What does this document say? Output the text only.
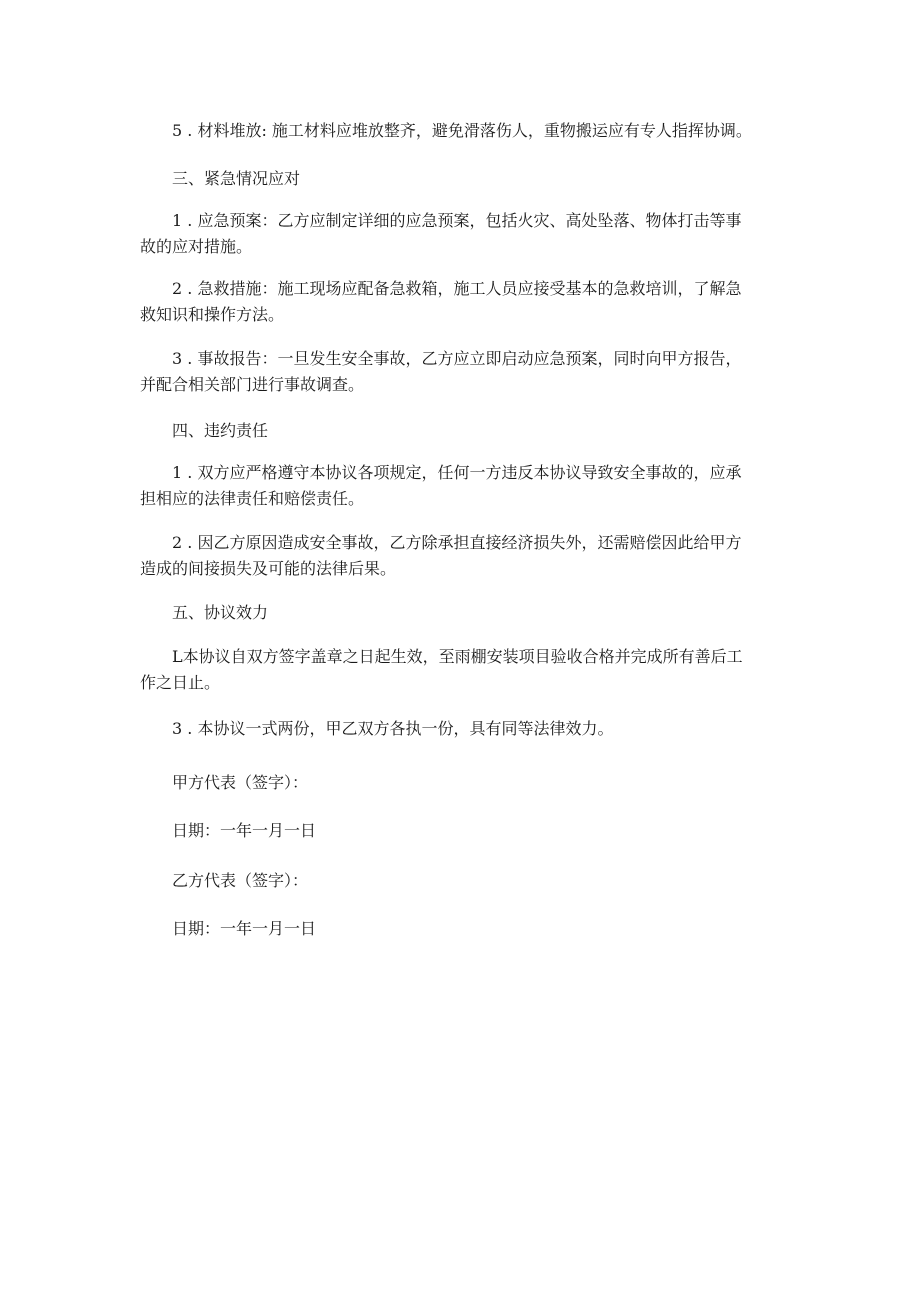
5 . 材料堆放: 施工材料应堆放整齐，避免滑落伤人，重物搬运应有专人指挥协调。

三、紧急情况应对

1 . 应急预案：乙方应制定详细的应急预案，包括火灾、高处坠落、物体打击等事
故的应对措施。

2 . 急救措施：施工现场应配备急救箱，施工人员应接受基本的急救培训，了解急
救知识和操作方法。

3 . 事故报告：一旦发生安全事故，乙方应立即启动应急预案，同时向甲方报告，
并配合相关部门进行事故调查。

四、违约责任

1 . 双方应严格遵守本协议各项规定，任何一方违反本协议导致安全事故的，应承
担相应的法律责任和赔偿责任。

2 . 因乙方原因造成安全事故，乙方除承担直接经济损失外，还需赔偿因此给甲方
造成的间接损失及可能的法律后果。

五、协议效力

L本协议自双方签字盖章之日起生效，至雨棚安装项目验收合格并完成所有善后工
作之日止。

3 . 本协议一式两份，甲乙双方各执一份，具有同等法律效力。

甲方代表（签字）：

日期：一年一月一日

乙方代表（签字）：

日期：一年一月一日
